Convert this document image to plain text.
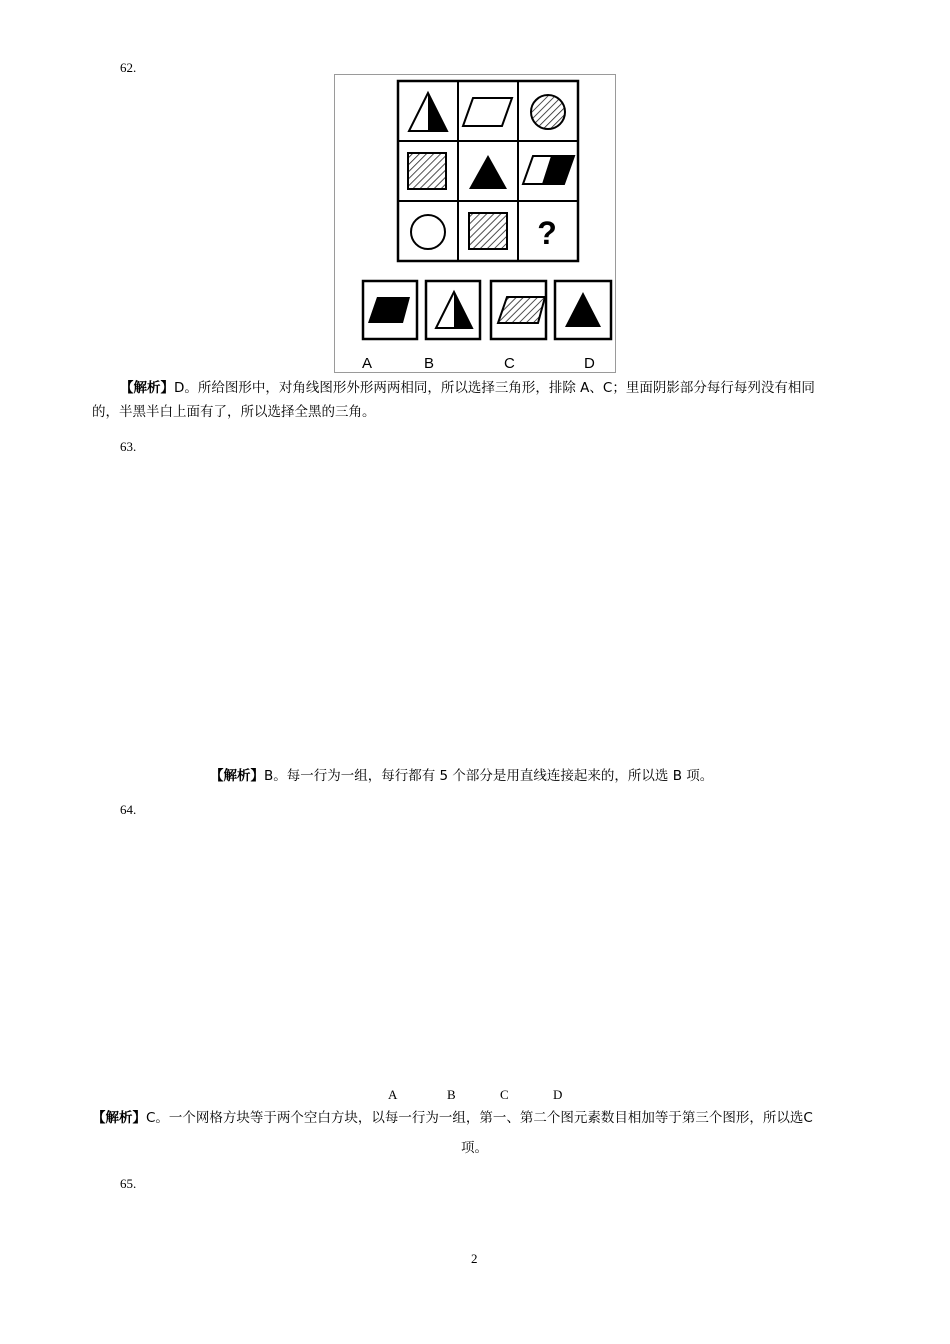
62.
?
A	B	C	D
【解析】D。所给图形中，对角线图形外形两两相同，所以选择三角形，排除 A、C；里面阴影部分每行每列没有相同
的，半黑半白上面有了，所以选择全黑的三角。
63.
【解析】B。每一行为一组，每行都有 5 个部分是用直线连接起来的，所以选 B 项。
64.
A	B	C	D
【解析】C。一个网格方块等于两个空白方块，以每一行为一组，第一、第二个图元素数目相加等于第三个图形，所以选C
项。
65.
2
